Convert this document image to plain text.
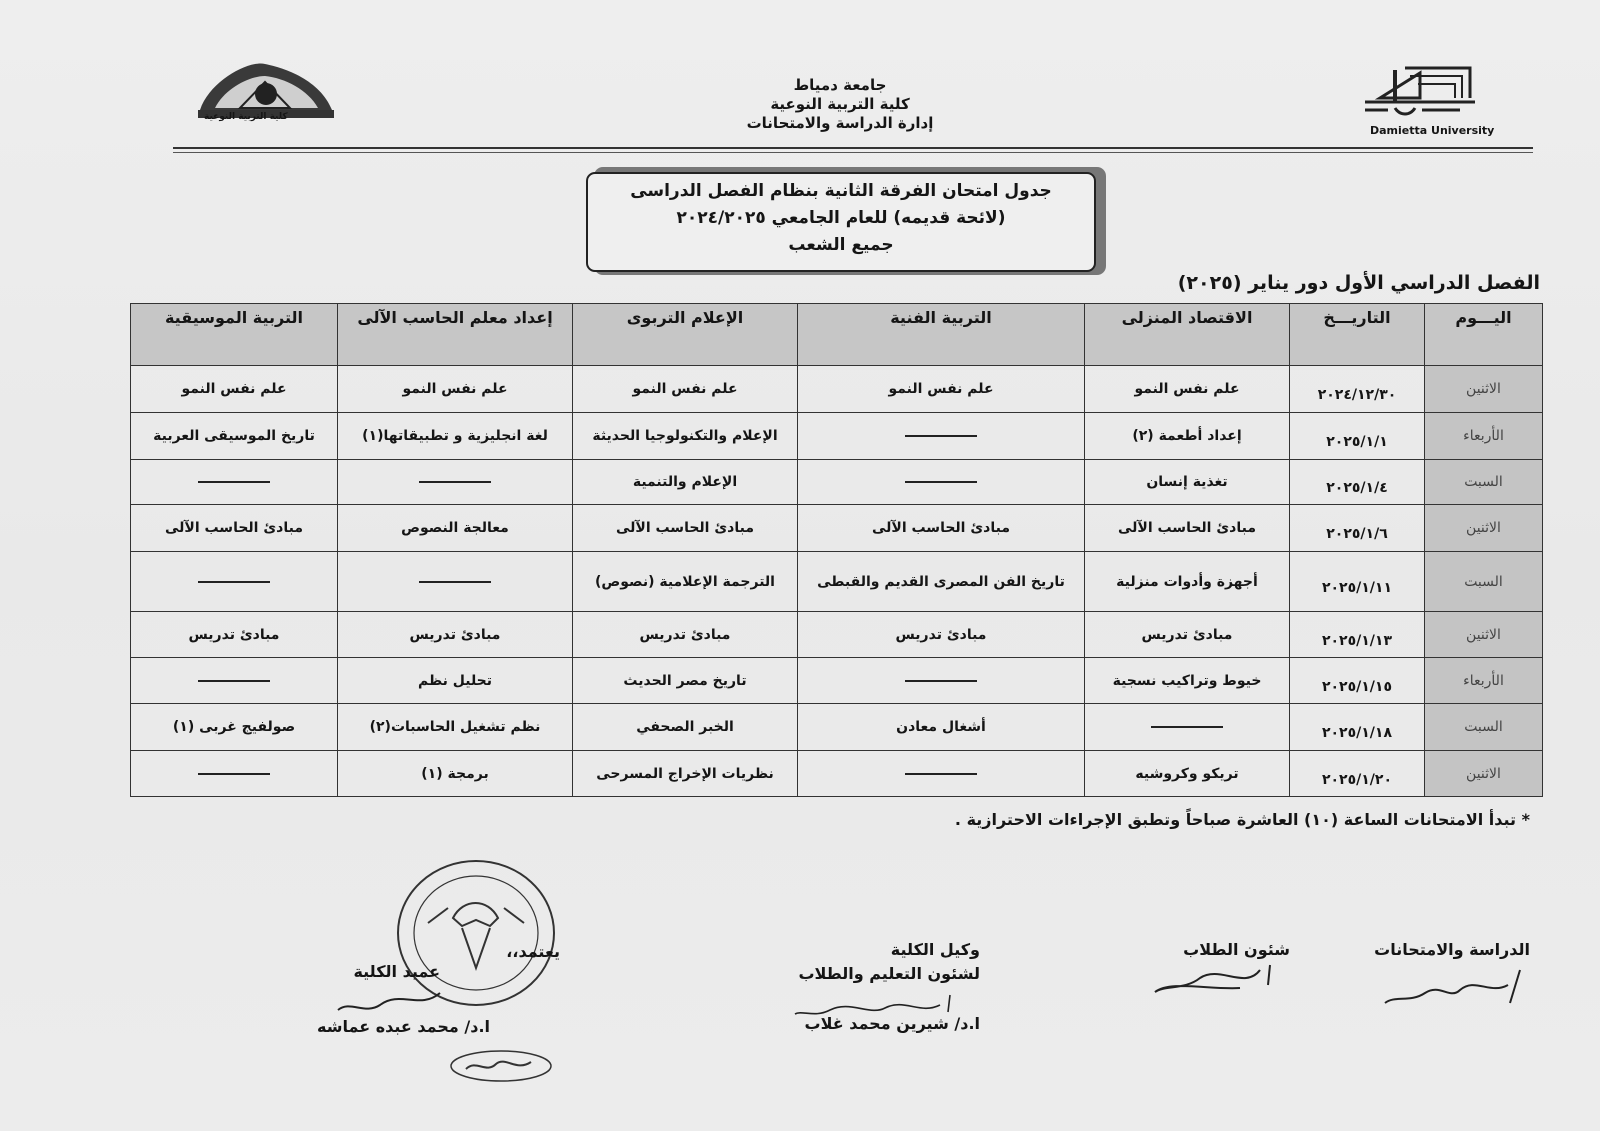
Damietta University
جامعة دمياط
كلية التربية النوعية
إدارة الدراسة والامتحانات
كلية التربية النوعية
جدول امتحان الفرقة الثانية بنظام الفصل الدراسى
(لائحة قديمه) للعام الجامعي ٢٠٢٤/٢٠٢٥
جميع الشعب
الفصل الدراسي الأول دور يناير (٢٠٢٥)
اليـــوم	التاريـــخ	الاقتصاد المنزلى	التربية الفنية	الإعلام التربوى	إعداد معلم الحاسب الآلى	التربية الموسيقية
الاثنين	٢٠٢٤/١٢/٣٠	علم نفس النمو	علم نفس النمو	علم نفس النمو	علم نفس النمو	علم نفس النمو
الأربعاء	٢٠٢٥/١/١	إعداد أطعمة (٢)		الإعلام والتكنولوجيا الحديثة	لغة انجليزية و تطبيقاتها(١)	تاريخ الموسيقى العربية
السبت	٢٠٢٥/١/٤	تغذية إنسان		الإعلام والتنمية		
الاثنين	٢٠٢٥/١/٦	مبادئ الحاسب الآلى	مبادئ الحاسب الآلى	مبادئ الحاسب الآلى	معالجة النصوص	مبادئ الحاسب الآلى
السبت	٢٠٢٥/١/١١	أجهزة وأدوات منزلية	تاريخ الفن المصرى القديم والقبطى	الترجمة الإعلامية (نصوص)		
الاثنين	٢٠٢٥/١/١٣	مبادئ تدريس	مبادئ تدريس	مبادئ تدريس	مبادئ تدريس	مبادئ تدريس
الأربعاء	٢٠٢٥/١/١٥	خيوط وتراكيب نسجية		تاريخ مصر الحديث	تحليل نظم	
السبت	٢٠٢٥/١/١٨		أشغال معادن	الخبر الصحفي	نظم تشغيل الحاسبات(٢)	صولفيج غربى (١)
الاثنين	٢٠٢٥/١/٢٠	تريكو وكروشيه		نظريات الإخراج المسرحى	برمجة (١)	
* تبدأ الامتحانات الساعة (١٠) العاشرة صباحاً وتطبق الإجراءات الاحترازية .
الدراسة والامتحانات
شئون الطلاب
وكيل الكلية
لشئون التعليم والطلاب
ا.د/ شيرين محمد غلاب
يعتمد،،
عميد الكلية
ا.د/ محمد عبده عماشه
